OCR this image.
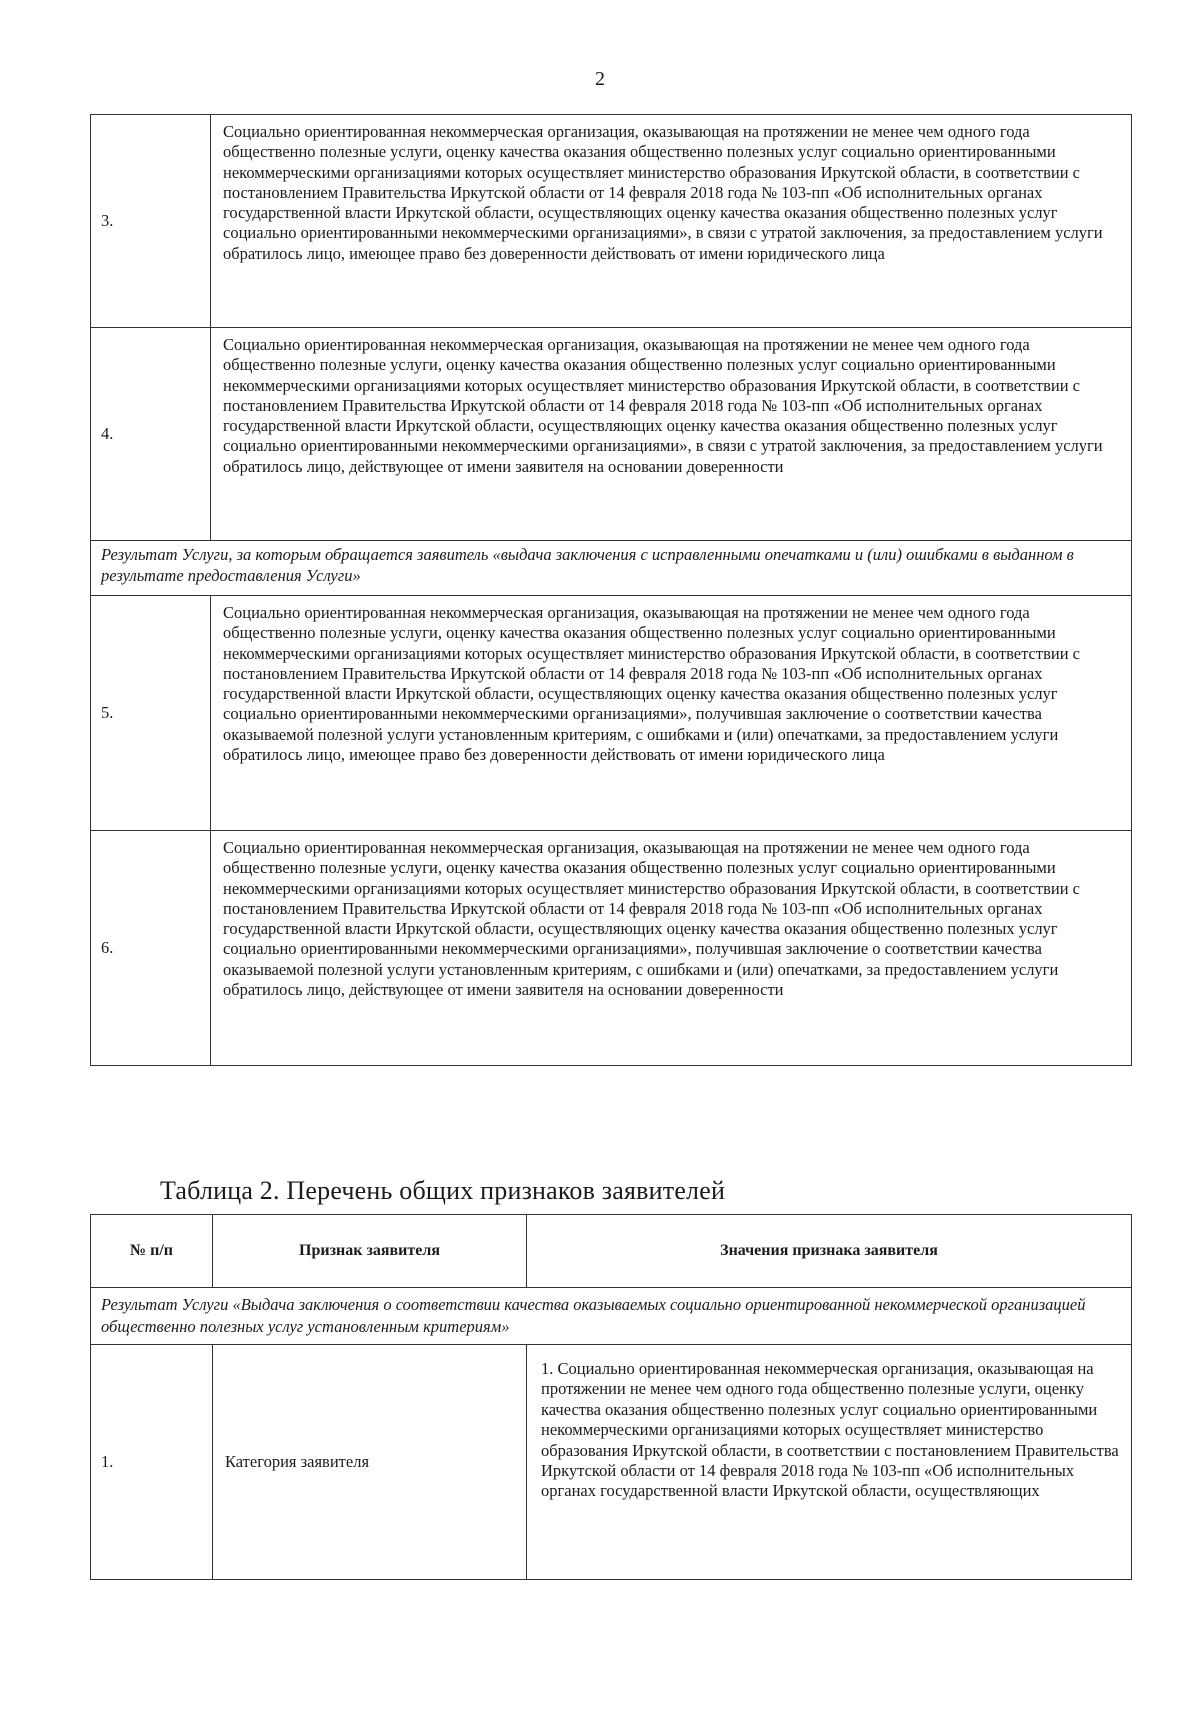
2
3.	Социально ориентированная некоммерческая организация, оказывающая на протяжении не менее чем одного года общественно полезные услуги, оценку качества оказания общественно полезных услуг социально ориентированными некоммерческими организациями которых осуществляет министерство образования Иркутской области, в соответствии с постановлением Правительства Иркутской области от 14 февраля 2018 года № 103-пп «Об исполнительных органах государственной власти Иркутской области, осуществляющих оценку качества оказания общественно полезных услуг социально ориентированными некоммерческими организациями», в связи с утратой заключения, за предоставлением услуги обратилось лицо, имеющее право без доверенности действовать от имени юридического лица
4.	Социально ориентированная некоммерческая организация, оказывающая на протяжении не менее чем одного года общественно полезные услуги, оценку качества оказания общественно полезных услуг социально ориентированными некоммерческими организациями которых осуществляет министерство образования Иркутской области, в соответствии с постановлением Правительства Иркутской области от 14 февраля 2018 года № 103-пп «Об исполнительных органах государственной власти Иркутской области, осуществляющих оценку качества оказания общественно полезных услуг социально ориентированными некоммерческими организациями», в связи с утратой заключения, за предоставлением услуги обратилось лицо, действующее от имени заявителя на основании доверенности
Результат Услуги, за которым обращается заявитель «выдача заключения с исправленными опечатками и (или) ошибками в выданном в результате предоставления Услуги»	
5.	Социально ориентированная некоммерческая организация, оказывающая на протяжении не менее чем одного года общественно полезные услуги, оценку качества оказания общественно полезных услуг социально ориентированными некоммерческими организациями которых осуществляет министерство образования Иркутской области, в соответствии с постановлением Правительства Иркутской области от 14 февраля 2018 года № 103-пп «Об исполнительных органах государственной власти Иркутской области, осуществляющих оценку качества оказания общественно полезных услуг социально ориентированными некоммерческими организациями», получившая заключение о соответствии качества оказываемой полезной услуги установленным критериям, с ошибками и (или) опечатками, за предоставлением услуги обратилось лицо, имеющее право без доверенности действовать от имени юридического лица
6.	Социально ориентированная некоммерческая организация, оказывающая на протяжении не менее чем одного года общественно полезные услуги, оценку качества оказания общественно полезных услуг социально ориентированными некоммерческими организациями которых осуществляет министерство образования Иркутской области, в соответствии с постановлением Правительства Иркутской области от 14 февраля 2018 года № 103-пп «Об исполнительных органах государственной власти Иркутской области, осуществляющих оценку качества оказания общественно полезных услуг социально ориентированными некоммерческими организациями», получившая заключение о соответствии качества оказываемой полезной услуги установленным критериям, с ошибками и (или) опечатками, за предоставлением услуги обратилось лицо, действующее от имени заявителя на основании доверенности
Таблица 2. Перечень общих признаков заявителей
№ п/п	Признак заявителя	Значения признака заявителя
Результат Услуги «Выдача заключения о соответствии качества оказываемых социально ориентированной некоммерческой организацией общественно полезных услуг установленным критериям»		
1.	Категория заявителя	1. Социально ориентированная некоммерческая организация, оказывающая на протяжении не менее чем одного года общественно полезные услуги, оценку качества оказания общественно полезных услуг социально ориентированными некоммерческими организациями которых осуществляет министерство образования Иркутской области, в соответствии с постановлением Правительства Иркутской области от 14 февраля 2018 года № 103-пп «Об исполнительных органах государственной власти Иркутской области, осуществляющих
